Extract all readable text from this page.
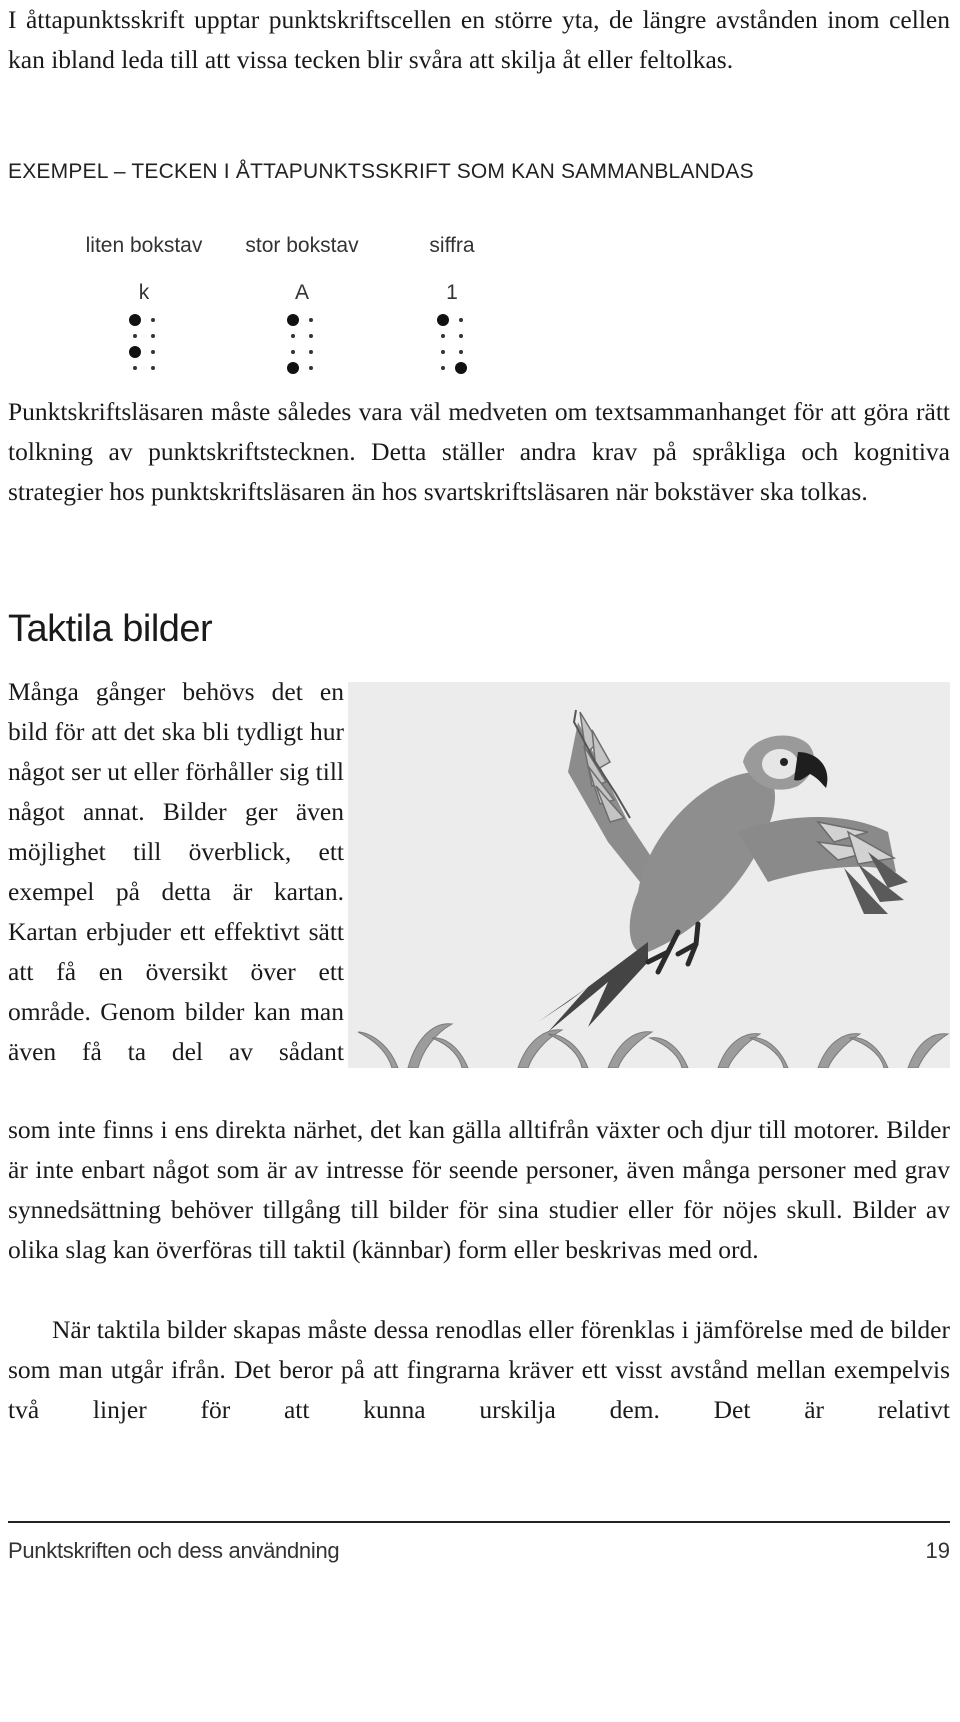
I åttapunktsskrift upptar punktskriftscellen en större yta, de längre avstånden inom cellen kan ibland leda till att vissa tecken blir svåra att skilja åt eller feltolkas.

EXEMPEL – TECKEN I ÅTTAPUNKTSSKRIFT SOM KAN SAMMANBLANDAS
liten bokstav
k
stor bokstav
A
siffra
1

Punktskriftsläsaren måste således vara väl medveten om textsammanhanget för att göra rätt tolkning av punktskriftstecknen. Detta ställer andra krav på språkliga och kognitiva strategier hos punktskriftsläsaren än hos svartskriftsläsaren när bokstäver ska tolkas.

Taktila bilder

Många gånger behövs det en bild för att det ska bli tydligt hur något ser ut eller förhåller sig till något annat. Bilder ger även möjlighet till överblick, ett exempel på detta är kartan. Kartan erbjuder ett effektivt sätt att få en översikt över ett område. Genom bilder kan man även få ta del av sådant

som inte finns i ens direkta närhet, det kan gälla alltifrån växter och djur till motorer. Bilder är inte enbart något som är av intresse för seende personer, även många personer med grav synnedsättning behöver tillgång till bilder för sina studier eller för nöjes skull. Bilder av olika slag kan överföras till taktil (kännbar) form eller beskrivas med ord.

När taktila bilder skapas måste dessa renodlas eller förenklas i jämförelse med de bilder som man utgår ifrån. Det beror på att fingrarna kräver ett visst avstånd mellan exempelvis två linjer för att kunna urskilja dem. Det är relativt

Punktskriften och dess användning	19
